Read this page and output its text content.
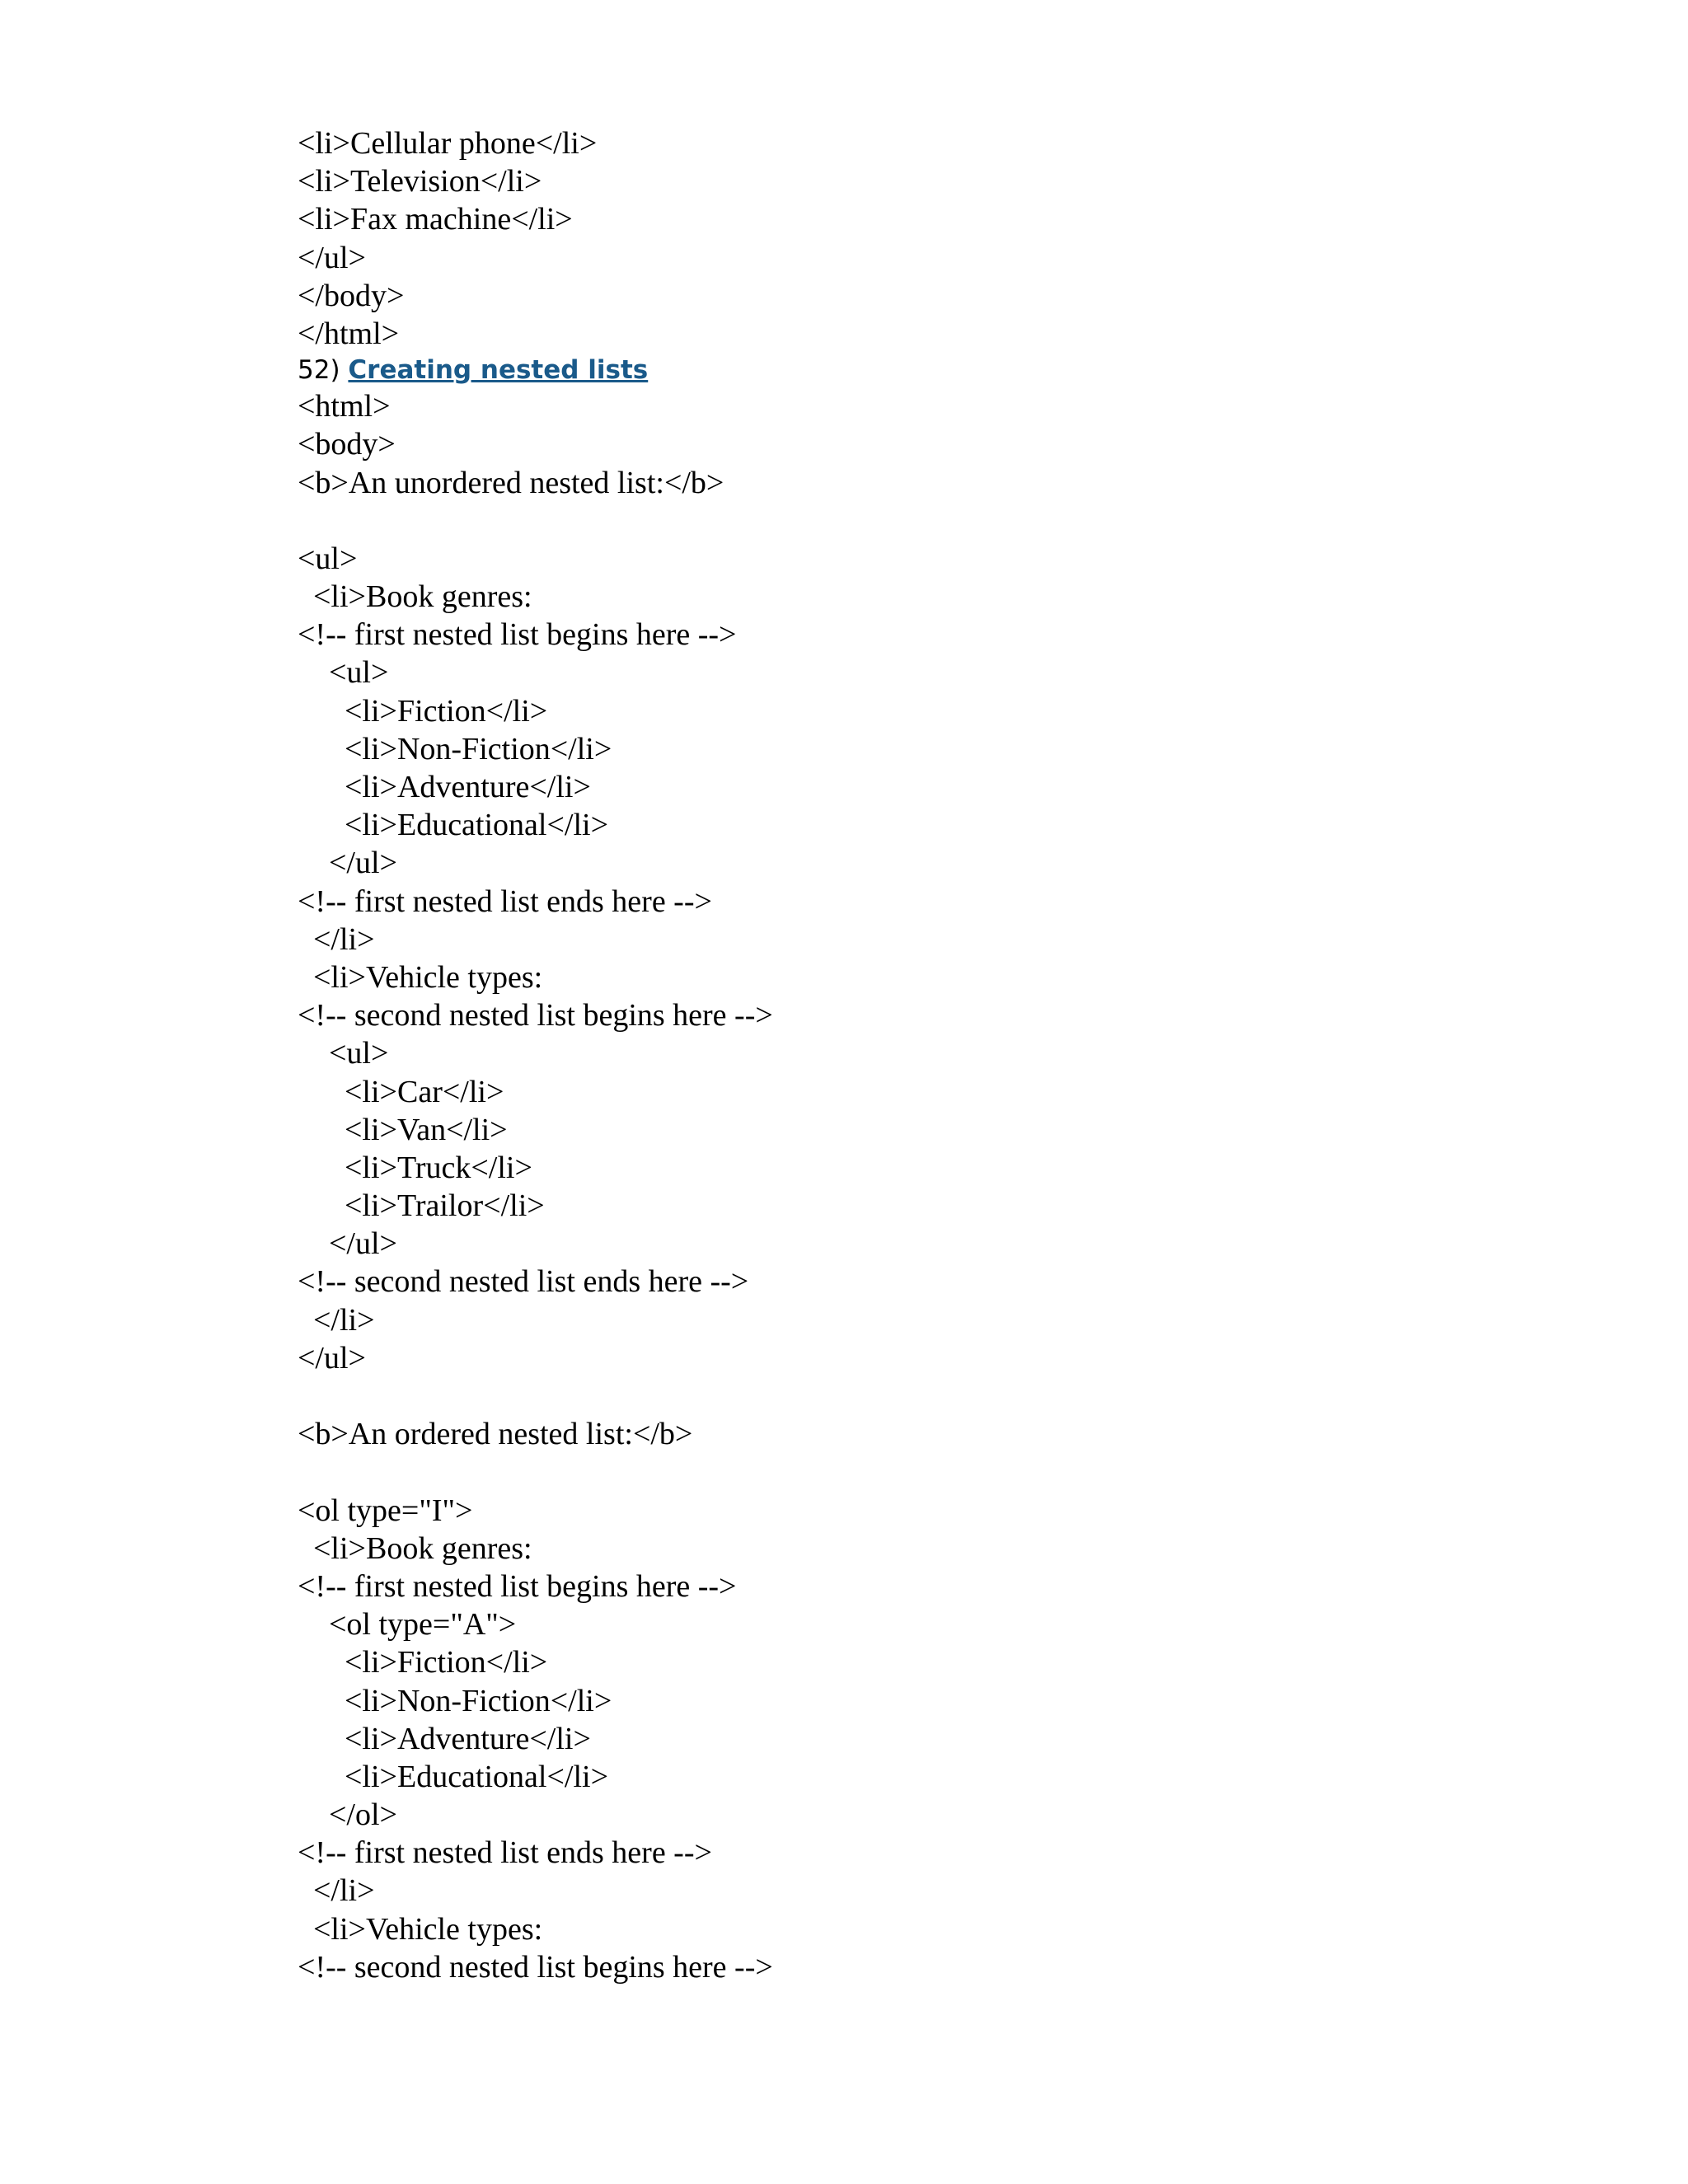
<li>Cellular phone</li>
<li>Television</li>
<li>Fax machine</li>
</ul>
</body>
</html>
52) Creating nested lists
<html>
<body>
<b>An unordered nested list:</b>
<ul>
<li>Book genres:
<!-- first nested list begins here -->
<ul>
<li>Fiction</li>
<li>Non-Fiction</li>
<li>Adventure</li>
<li>Educational</li>
</ul>
<!-- first nested list ends here -->
</li>
<li>Vehicle types:
<!-- second nested list begins here -->
<ul>
<li>Car</li>
<li>Van</li>
<li>Truck</li>
<li>Trailor</li>
</ul>
<!-- second nested list ends here -->
</li>
</ul>
<b>An ordered nested list:</b>
<ol type="I">
<li>Book genres:
<!-- first nested list begins here -->
<ol type="A">
<li>Fiction</li>
<li>Non-Fiction</li>
<li>Adventure</li>
<li>Educational</li>
</ol>
<!-- first nested list ends here -->
</li>
<li>Vehicle types:
<!-- second nested list begins here -->
